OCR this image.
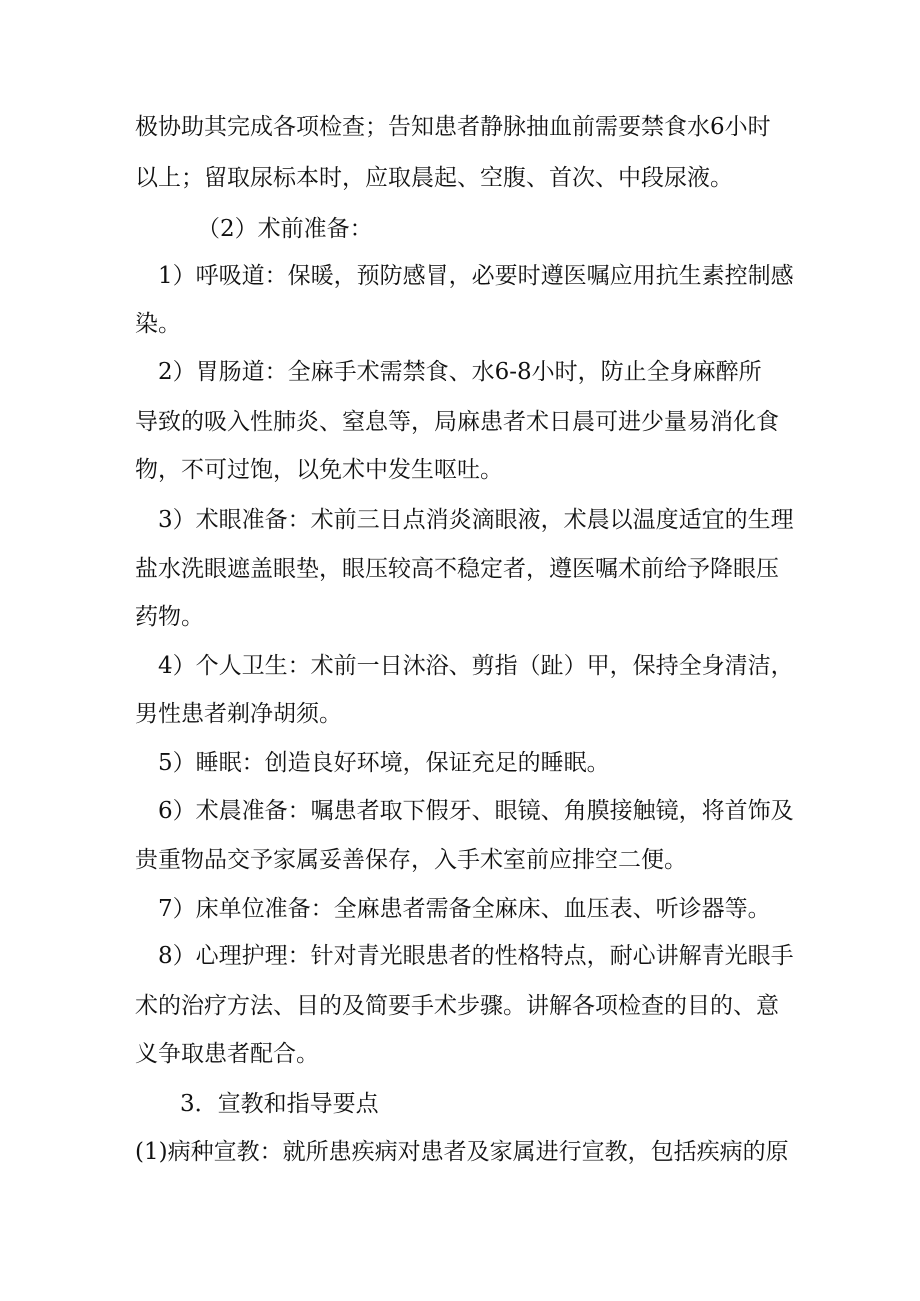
极协助其完成各项检查；告知患者静脉抽血前需要禁食水6小时
以上；留取尿标本时，应取晨起、空腹、首次、中段尿液。
（2）术前准备：
1）呼吸道：保暖，预防感冒，必要时遵医嘱应用抗生素控制感
染。
2）胃肠道：全麻手术需禁食、水6-8小时，防止全身麻醉所
导致的吸入性肺炎、窒息等，局麻患者术日晨可进少量易消化食
物，不可过饱，以免术中发生呕吐。
3）术眼准备：术前三日点消炎滴眼液，术晨以温度适宜的生理
盐水洗眼遮盖眼垫，眼压较高不稳定者，遵医嘱术前给予降眼压
药物。
4）个人卫生：术前一日沐浴、剪指（趾）甲，保持全身清洁，
男性患者剃净胡须。
5）睡眠：创造良好环境，保证充足的睡眠。
6）术晨准备：嘱患者取下假牙、眼镜、角膜接触镜，将首饰及
贵重物品交予家属妥善保存，入手术室前应排空二便。
7）床单位准备：全麻患者需备全麻床、血压表、听诊器等。
8）心理护理：针对青光眼患者的性格特点，耐心讲解青光眼手
术的治疗方法、目的及简要手术步骤。讲解各项检查的目的、意
义争取患者配合。
3．宣教和指导要点
(1)病种宣教：就所患疾病对患者及家属进行宣教，包括疾病的原
